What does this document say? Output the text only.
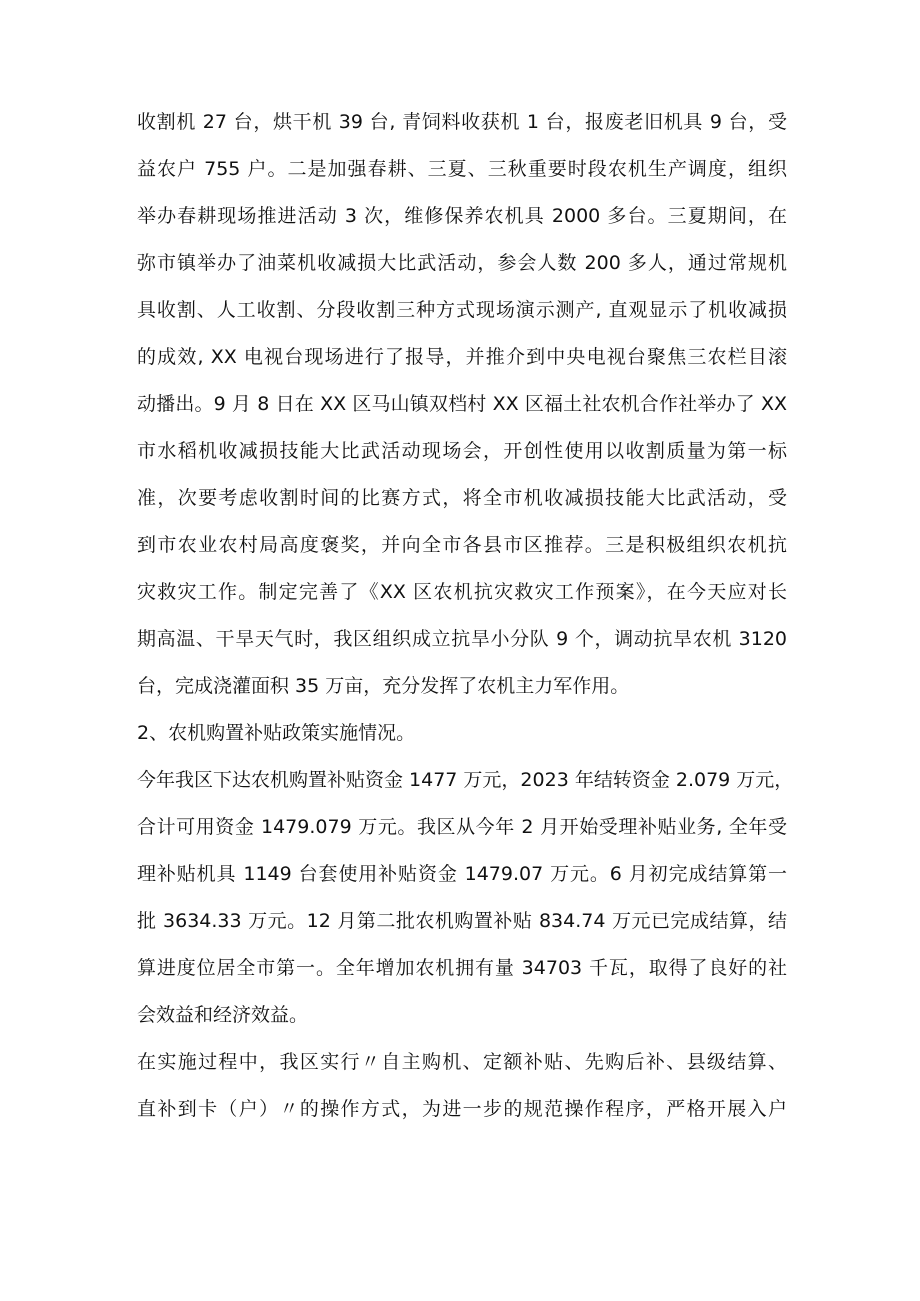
收割机 27 台，烘干机 39 台, 青饲料收获机 1 台，报废老旧机具 9 台，受
益农户 755 户。二是加强春耕、三夏、三秋重要时段农机生产调度，组织
举办春耕现场推进活动 3 次，维修保养农机具 2000 多台。三夏期间，在
弥市镇举办了油菜机收减损大比武活动，参会人数 200 多人，通过常规机
具收割、人工收割、分段收割三种方式现场演示测产, 直观显示了机收减损
的成效, XX 电视台现场进行了报导，并推介到中央电视台聚焦三农栏目滚
动播出。9 月 8 日在 XX 区马山镇双档村 XX 区福土社农机合作社举办了 XX
市水稻机收减损技能大比武活动现场会，开创性使用以收割质量为第一标
准，次要考虑收割时间的比赛方式，将全市机收减损技能大比武活动，受
到市农业农村局高度褒奖，并向全市各县市区推荐。三是积极组织农机抗
灾救灾工作。制定完善了《XX 区农机抗灾救灾工作预案》，在今天应对长
期高温、干旱天气时，我区组织成立抗旱小分队 9 个，调动抗旱农机 3120
台，完成浇灌面积 35 万亩，充分发挥了农机主力军作用。
2、农机购置补贴政策实施情况。
今年我区下达农机购置补贴资金 1477 万元，2023 年结转资金 2.079 万元，
合计可用资金 1479.079 万元。我区从今年 2 月开始受理补贴业务, 全年受
理补贴机具 1149 台套使用补贴资金 1479.07 万元。6 月初完成结算第一
批 3634.33 万元。12 月第二批农机购置补贴 834.74 万元已完成结算，结
算进度位居全市第一。全年增加农机拥有量 34703 千瓦，取得了良好的社
会效益和经济效益。
在实施过程中，我区实行〃自主购机、定额补贴、先购后补、县级结算、
直补到卡（户）〃的操作方式，为进一步的规范操作程序，严格开展入户
